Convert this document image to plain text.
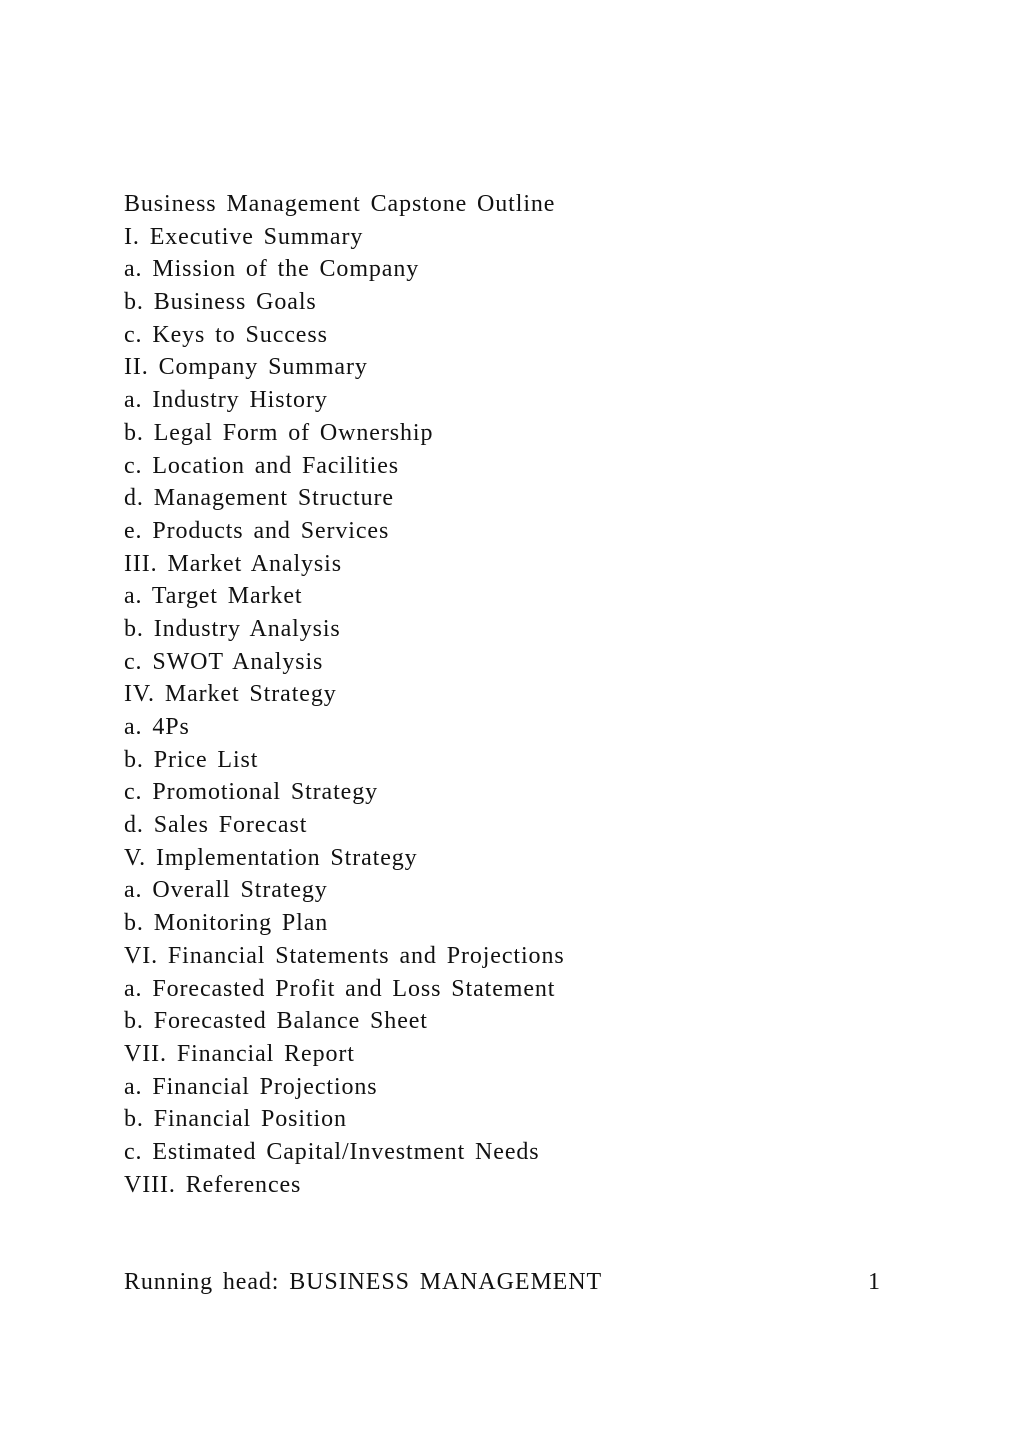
Business Management Capstone Outline
I. Executive Summary
a. Mission of the Company
b. Business Goals
c. Keys to Success
II. Company Summary
a. Industry History
b. Legal Form of Ownership
c. Location and Facilities
d. Management Structure
e. Products and Services
III. Market Analysis
a. Target Market
b. Industry Analysis
c. SWOT Analysis
IV. Market Strategy
a. 4Ps
b. Price List
c. Promotional Strategy
d. Sales Forecast
V. Implementation Strategy
a. Overall Strategy
b. Monitoring Plan
VI. Financial Statements and Projections
a. Forecasted Profit and Loss Statement
b. Forecasted Balance Sheet
VII. Financial Report
a. Financial Projections
b. Financial Position
c. Estimated Capital/Investment Needs
VIII. References
Running head: BUSINESS MANAGEMENT	1
